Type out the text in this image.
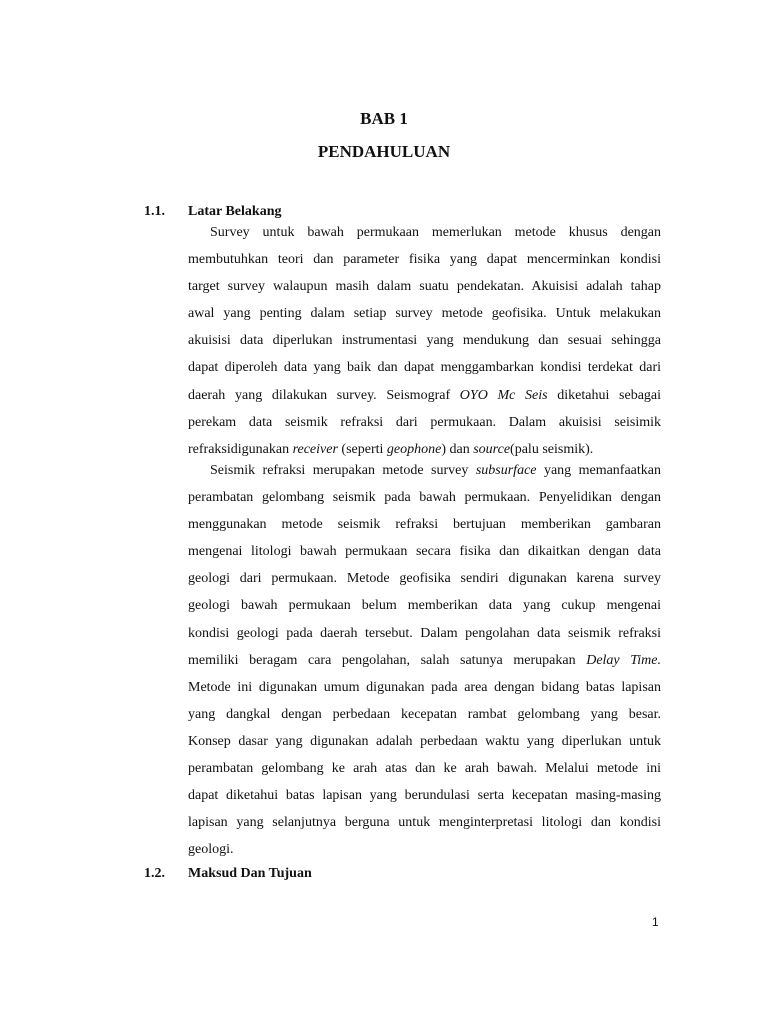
BAB 1
PENDAHULUAN
1.1. Latar Belakang
Survey untuk bawah permukaan memerlukan metode khusus dengan
membutuhkan teori dan parameter fisika yang dapat mencerminkan kondisi
target survey walaupun masih dalam suatu pendekatan. Akuisisi adalah tahap
awal yang penting dalam setiap survey metode geofisika. Untuk melakukan
akuisisi data diperlukan instrumentasi yang mendukung dan sesuai sehingga
dapat diperoleh data yang baik dan dapat menggambarkan kondisi terdekat dari
daerah yang dilakukan survey. Seismograf OYO Mc Seis diketahui sebagai
perekam data seismik refraksi dari permukaan. Dalam akuisisi seisimik
refraksidigunakan receiver (seperti geophone) dan source(palu seismik).
Seismik refraksi merupakan metode survey subsurface yang memanfaatkan
perambatan gelombang seismik pada bawah permukaan. Penyelidikan dengan
menggunakan metode seismik refraksi bertujuan memberikan gambaran
mengenai litologi bawah permukaan secara fisika dan dikaitkan dengan data
geologi dari permukaan. Metode geofisika sendiri digunakan karena survey
geologi bawah permukaan belum memberikan data yang cukup mengenai
kondisi geologi pada daerah tersebut. Dalam pengolahan data seismik refraksi
memiliki beragam cara pengolahan, salah satunya merupakan Delay Time.
Metode ini digunakan umum digunakan pada area dengan bidang batas lapisan
yang dangkal dengan perbedaan kecepatan rambat gelombang yang besar.
Konsep dasar yang digunakan adalah perbedaan waktu yang diperlukan untuk
perambatan gelombang ke arah atas dan ke arah bawah. Melalui metode ini
dapat diketahui batas lapisan yang berundulasi serta kecepatan masing-masing
lapisan yang selanjutnya berguna untuk menginterpretasi litologi dan kondisi
geologi.
1.2. Maksud Dan Tujuan
1
